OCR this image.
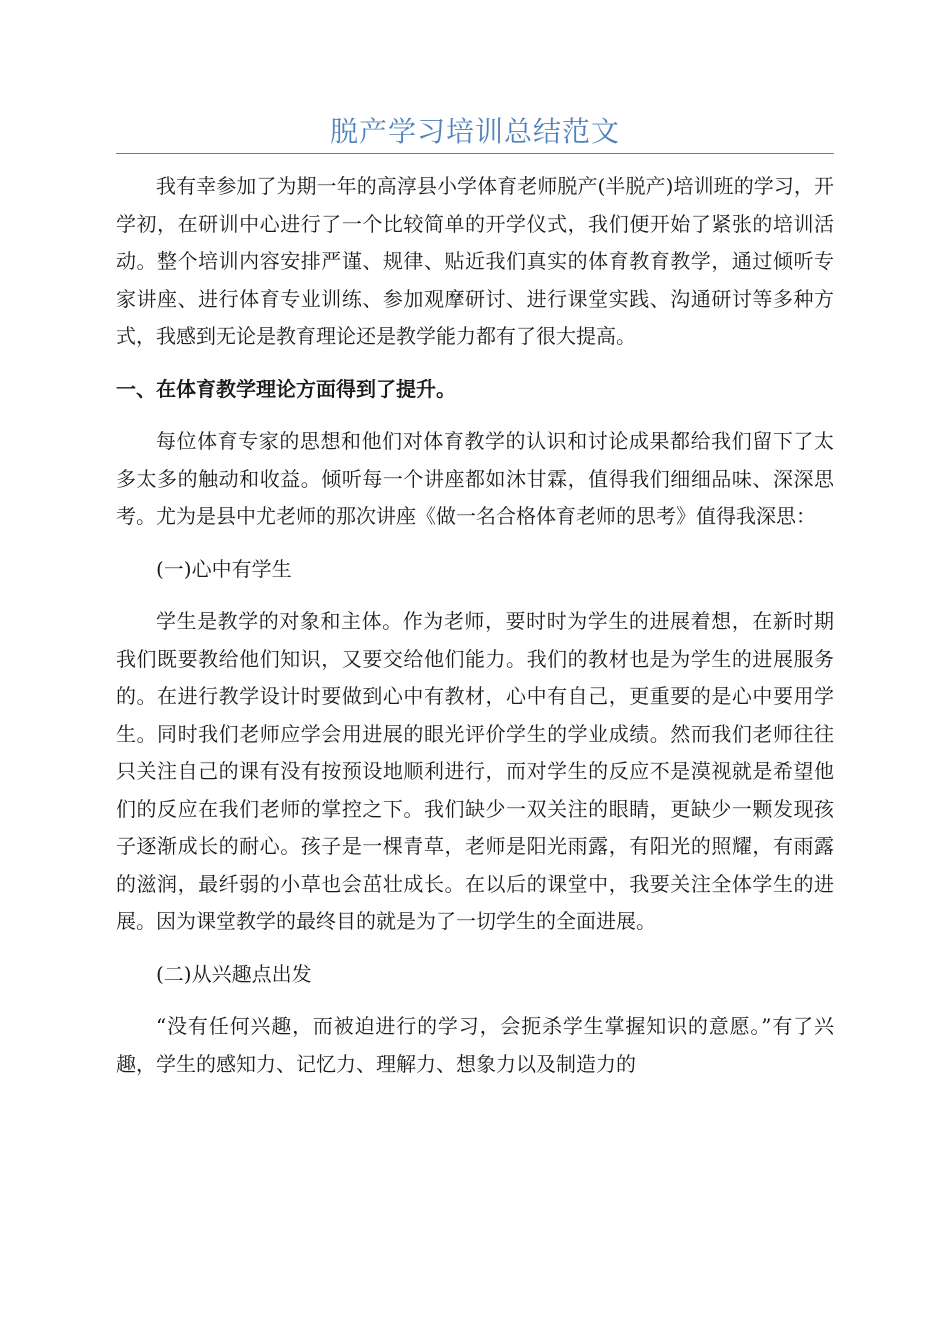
脱产学习培训总结范文

我有幸参加了为期一年的高淳县小学体育老师脱产(半脱产)培训班的学习，开学初，在研训中心进行了一个比较简单的开学仪式，我们便开始了紧张的培训活动。整个培训内容安排严谨、规律、贴近我们真实的体育教育教学，通过倾听专家讲座、进行体育专业训练、参加观摩研讨、进行课堂实践、沟通研讨等多种方式，我感到无论是教育理论还是教学能力都有了很大提高。

一、在体育教学理论方面得到了提升。

每位体育专家的思想和他们对体育教学的认识和讨论成果都给我们留下了太多太多的触动和收益。倾听每一个讲座都如沐甘霖，值得我们细细品味、深深思考。尤为是县中尤老师的那次讲座《做一名合格体育老师的思考》值得我深思：

(一)心中有学生

学生是教学的对象和主体。作为老师，要时时为学生的进展着想，在新时期我们既要教给他们知识，又要交给他们能力。我们的教材也是为学生的进展服务的。在进行教学设计时要做到心中有教材，心中有自己，更重要的是心中要用学生。同时我们老师应学会用进展的眼光评价学生的学业成绩。然而我们老师往往只关注自己的课有没有按预设地顺利进行，而对学生的反应不是漠视就是希望他们的反应在我们老师的掌控之下。我们缺少一双关注的眼睛，更缺少一颗发现孩子逐渐成长的耐心。孩子是一棵青草，老师是阳光雨露，有阳光的照耀，有雨露的滋润，最纤弱的小草也会茁壮成长。在以后的课堂中，我要关注全体学生的进展。因为课堂教学的最终目的就是为了一切学生的全面进展。

(二)从兴趣点出发

“没有任何兴趣，而被迫进行的学习，会扼杀学生掌握知识的意愿。”有了兴趣，学生的感知力、记忆力、理解力、想象力以及制造力的
